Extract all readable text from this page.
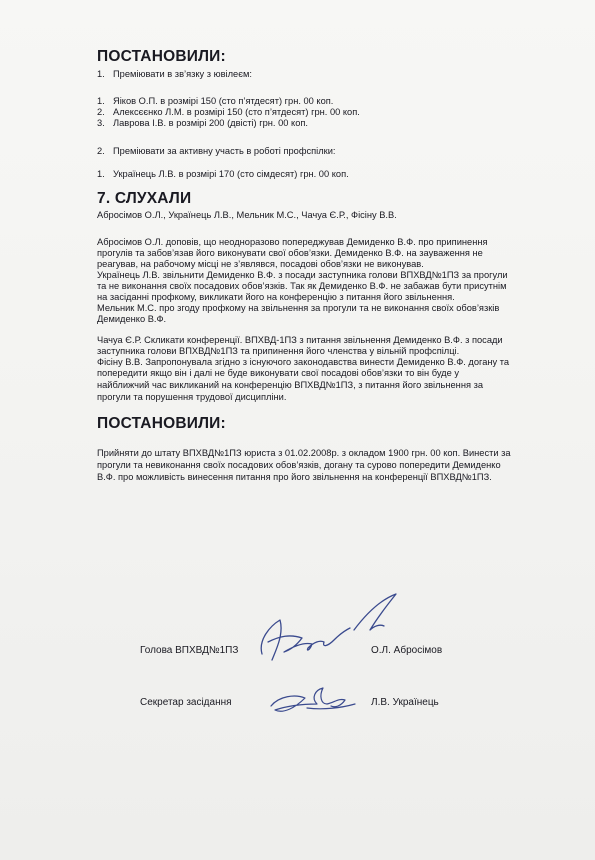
ПОСТАНОВИЛИ:
1. Преміювати в зв’язку з ювілеєм:
1. Яіков О.П. в розмірі 150 (сто п’ятдесят) грн. 00 коп.
2. Алексєєнко Л.М. в розмірі 150 (сто п’ятдесят) грн. 00 коп.
3. Лаврова І.В. в розмірі 200 (двісті) грн. 00 коп.
2. Преміювати за активну участь в роботі профспілки:
1. Українець Л.В. в розмірі 170 (сто сімдесят) грн. 00 коп.
7. СЛУХАЛИ
Абросімов О.Л., Українець Л.В., Мельник М.С., Чачуа Є.Р., Фісіну В.В.
Абросімов О.Л. доповів, що неодноразово попереджував Демиденко В.Ф. про припинення
прогулів та забов’язав його виконувати свої обов’язки. Демиденко В.Ф. на зауваження не
реагував, на рабочому місці не з’являвся, посадові обов’язки не виконував.
Українець Л.В. звільнити Демиденко В.Ф. з посади заступника голови ВПХВД№1ПЗ за прогули
та не виконання своїх посадових обов’язків. Так як Демиденко В.Ф. не забажав бути присутнім
на засіданні профкому, викликати його на конференцію з питання його звільнення.
Мельник М.С. про згоду профкому на звільнення за прогули та не виконання своїх обов’язків
Демиденко В.Ф.
Чачуа Є.Р. Скликати конференції. ВПХВД-1ПЗ з питання звільнення Демиденко В.Ф. з посади
заступника голови ВПХВД№1ПЗ та припинення його членства у вільній профспілці.
Фісіну В.В. Запропонувала згідно з існуючого законодавства винести Демиденко В.Ф. догану та
попередити якщо він і далі не буде виконувати свої посадові обов’язки то він буде у
найближчий час викликаний на конференцію ВПХВД№1ПЗ, з питання його звільнення за
прогули та порушення трудової дисципліни.
ПОСТАНОВИЛИ:
Прийняти до штату ВПХВД№1ПЗ юриста з 01.02.2008р. з окладом 1900 грн. 00 коп. Винести за
прогули та невиконання своїх посадових обов’язків, догану та сурово попередити Демиденко
В.Ф. про можливість винесення питання про його звільнення на конференції ВПХВД№1ПЗ.
Голова ВПХВД№1ПЗ	О.Л. Абросімов
Секретар засідання	Л.В. Українець
